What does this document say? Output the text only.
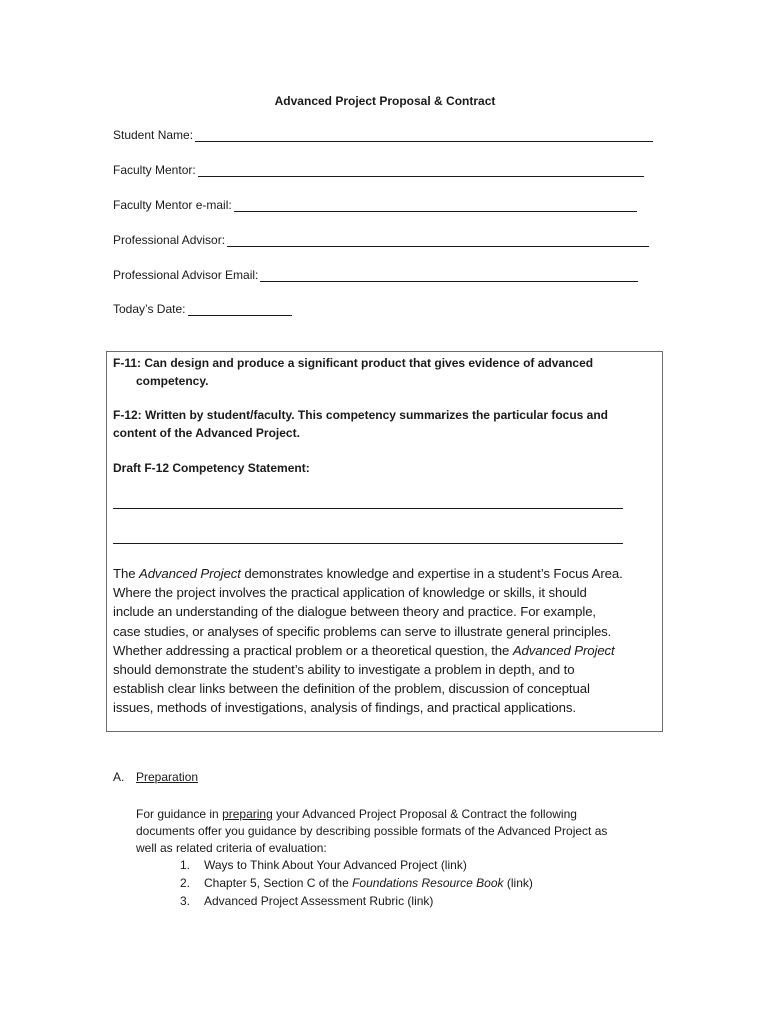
Advanced Project Proposal & Contract
Student Name:
Faculty Mentor:
Faculty Mentor e-mail:
Professional Advisor:
Professional Advisor Email:
Today’s Date:
F-11: Can design and produce a significant product that gives evidence of advanced
competency.
F-12: Written by student/faculty. This competency summarizes the particular focus and
content of the Advanced Project.
Draft F-12 Competency Statement:
The Advanced Project demonstrates knowledge and expertise in a student’s Focus Area.
Where the project involves the practical application of knowledge or skills, it should
include an understanding of the dialogue between theory and practice. For example,
case studies, or analyses of specific problems can serve to illustrate general principles.
Whether addressing a practical problem or a theoretical question, the Advanced Project
should demonstrate the student’s ability to investigate a problem in depth, and to
establish clear links between the definition of the problem, discussion of conceptual
issues, methods of investigations, analysis of findings, and practical applications.
A. Preparation
For guidance in preparing your Advanced Project Proposal & Contract the following
documents offer you guidance by describing possible formats of the Advanced Project as
well as related criteria of evaluation:
1.	Ways to Think About Your Advanced Project (link)
2.	Chapter 5, Section C of the Foundations Resource Book (link)
3.	Advanced Project Assessment Rubric (link)
